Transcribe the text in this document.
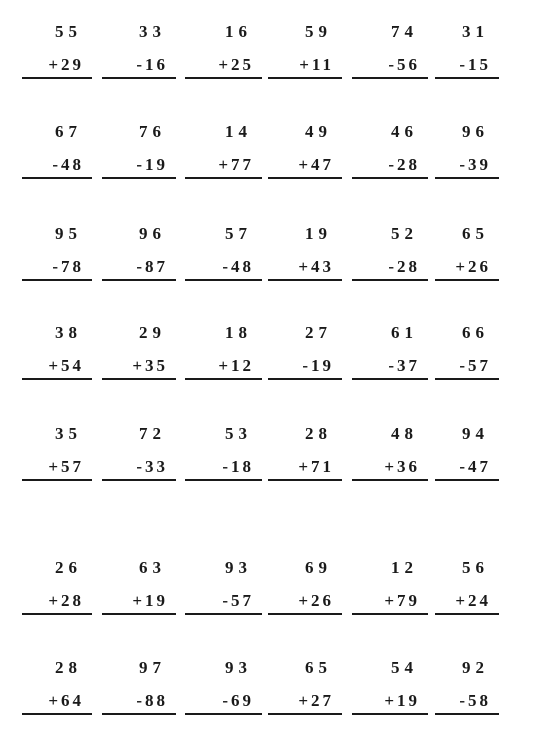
55
+29
33
-16
16
+25
59
+11
74
-56
31
-15
67
-48
76
-19
14
+77
49
+47
46
-28
96
-39
95
-78
96
-87
57
-48
19
+43
52
-28
65
+26
38
+54
29
+35
18
+12
27
-19
61
-37
66
-57
35
+57
72
-33
53
-18
28
+71
48
+36
94
-47
26
+28
63
+19
93
-57
69
+26
12
+79
56
+24
28
+64
97
-88
93
-69
65
+27
54
+19
92
-58
